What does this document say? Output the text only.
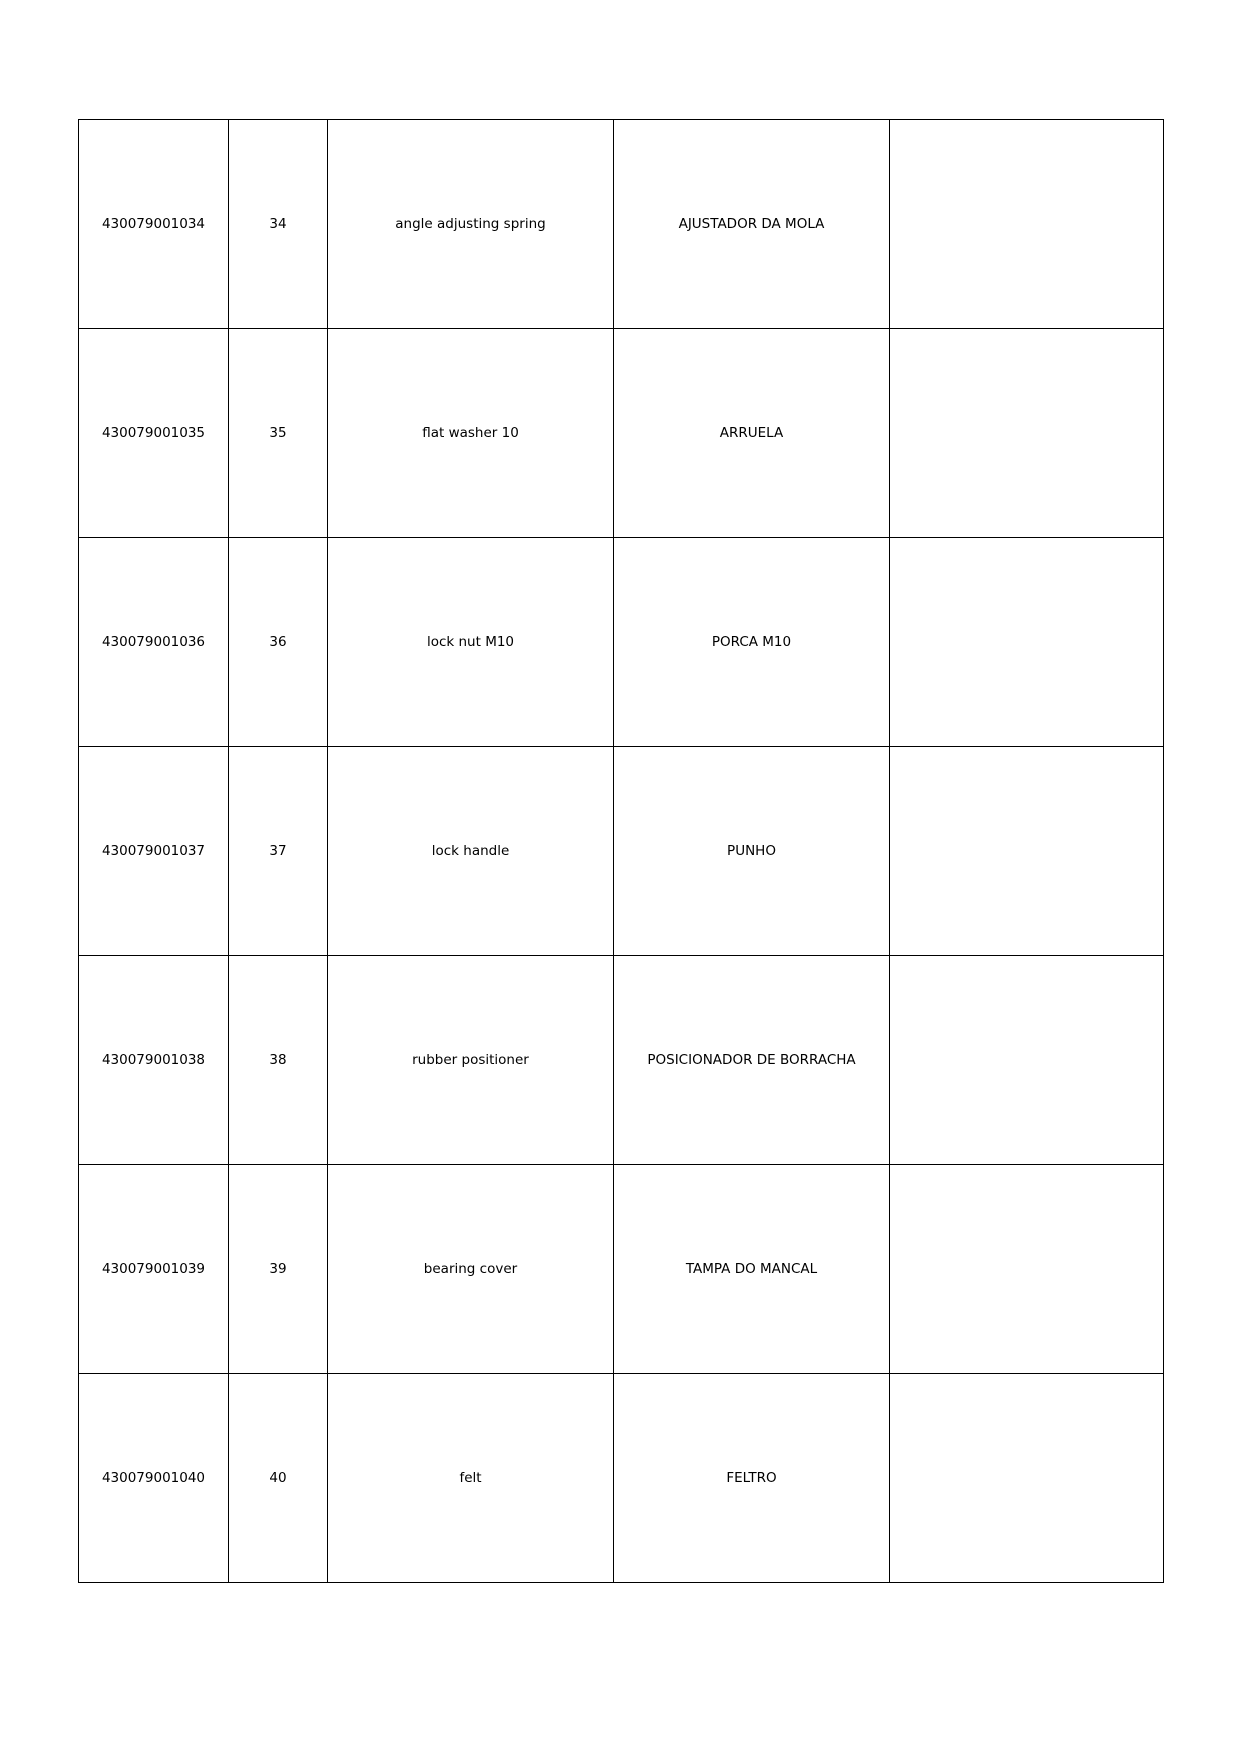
430079001034	34	angle adjusting spring	AJUSTADOR DA MOLA	
430079001035	35	flat washer 10	ARRUELA	
430079001036	36	lock nut M10	PORCA M10	
430079001037	37	lock handle	PUNHO	
430079001038	38	rubber positioner	POSICIONADOR DE BORRACHA	
430079001039	39	bearing cover	TAMPA DO MANCAL	
430079001040	40	felt	FELTRO	
